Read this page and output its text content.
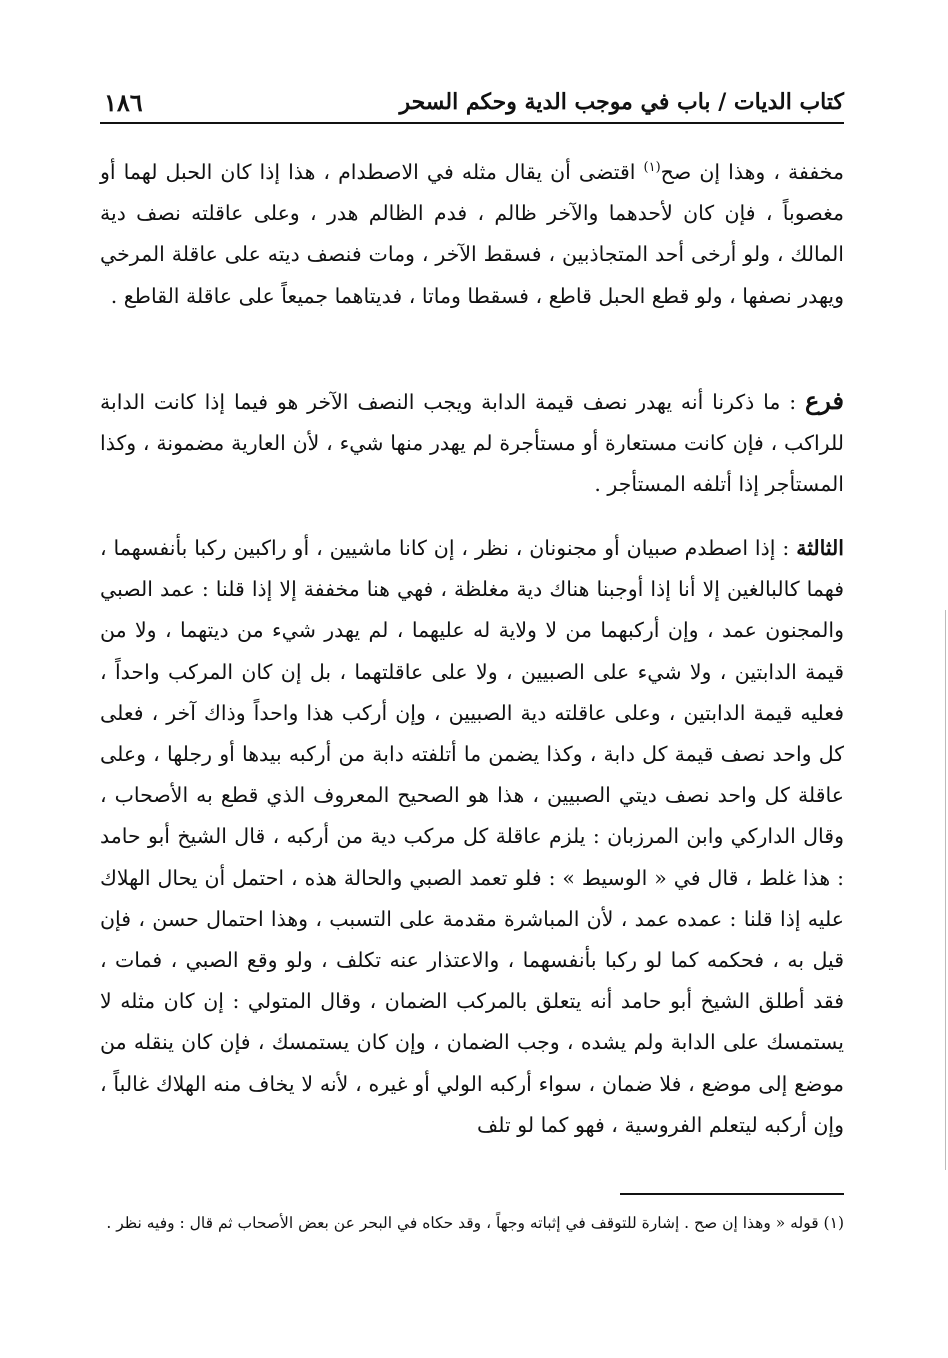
كتاب الديات / باب في موجب الدية وحكم السحر
١٨٦

مخففة ، وهذا إن صح$^{(١)}$ اقتضى أن يقال مثله في الاصطدام ، هذا إذا كان الحبل لهما أو مغصوباً ، فإن كان لأحدهما والآخر ظالم ، فدم الظالم هدر ، وعلى عاقلته نصف دية المالك ، ولو أرخى أحد المتجاذبين ، فسقط الآخر ، ومات فنصف ديته على عاقلة المرخي ويهدر نصفها ، ولو قطع الحبل قاطع ، فسقطا وماتا ، فديتاهما جميعاً على عاقلة القاطع .

فرع : ما ذكرنا أنه يهدر نصف قيمة الدابة ويجب النصف الآخر هو فيما إذا كانت الدابة للراكب ، فإن كانت مستعارة أو مستأجرة لم يهدر منها شيء ، لأن العارية مضمونة ، وكذا المستأجر إذا أتلفه المستأجر .

الثالثة : إذا اصطدم صبيان أو مجنونان ، نظر ، إن كانا ماشيين ، أو راكبين ركبا بأنفسهما ، فهما كالبالغين إلا أنا إذا أوجبنا هناك دية مغلظة ، فهي هنا مخففة إلا إذا قلنا : عمد الصبي والمجنون عمد ، وإن أركبهما من لا ولاية له عليهما ، لم يهدر شيء من ديتهما ، ولا من قيمة الدابتين ، ولا شيء على الصبيين ، ولا على عاقلتهما ، بل إن كان المركب واحداً ، فعليه قيمة الدابتين ، وعلى عاقلته دية الصبيين ، وإن أركب هذا واحداً وذاك آخر ، فعلى كل واحد نصف قيمة كل دابة ، وكذا يضمن ما أتلفته دابة من أركبه بيدها أو رجلها ، وعلى عاقلة كل واحد نصف ديتي الصبيين ، هذا هو الصحيح المعروف الذي قطع به الأصحاب ، وقال الداركي وابن المرزبان : يلزم عاقلة كل مركب دية من أركبه ، قال الشيخ أبو حامد : هذا غلط ، قال في « الوسيط » : فلو تعمد الصبي والحالة هذه ، احتمل أن يحال الهلاك عليه إذا قلنا : عمده عمد ، لأن المباشرة مقدمة على التسبب ، وهذا احتمال حسن ، فإن قيل به ، فحكمه كما لو ركبا بأنفسهما ، والاعتذار عنه تكلف ، ولو وقع الصبي ، فمات ، فقد أطلق الشيخ أبو حامد أنه يتعلق بالمركب الضمان ، وقال المتولي : إن كان مثله لا يستمسك على الدابة ولم يشده ، وجب الضمان ، وإن كان يستمسك ، فإن كان ينقله من موضع إلى موضع ، فلا ضمان ، سواء أركبه الولي أو غيره ، لأنه لا يخاف منه الهلاك غالباً ، وإن أركبه ليتعلم الفروسية ، فهو كما لو تلف

(١) قوله « وهذا إن صح . إشارة للتوقف في إثباته وجهاً ، وقد حكاه في البحر عن بعض الأصحاب ثم قال : وفيه نظر .
